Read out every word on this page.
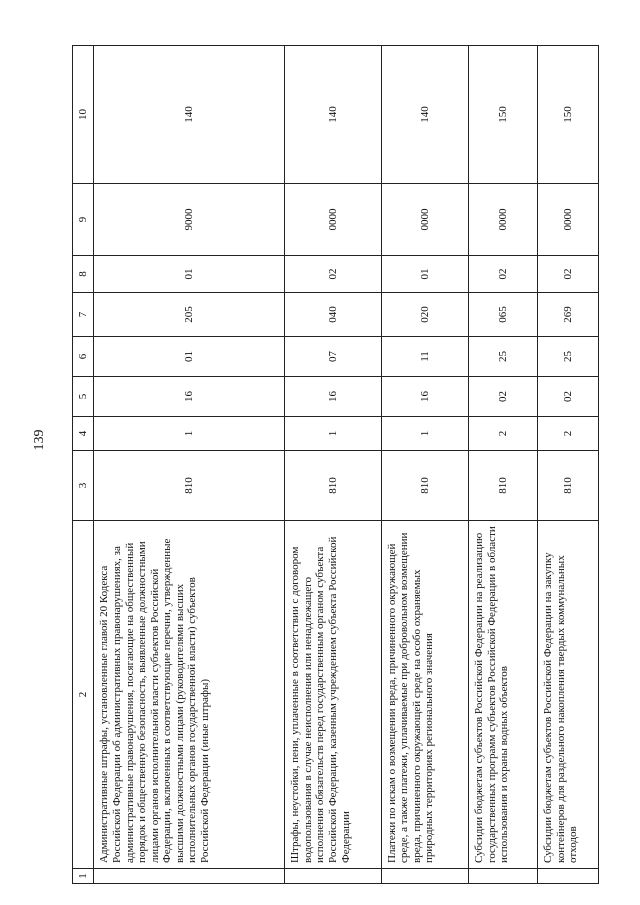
139
1	2	3	4	5	6	7	8	9	10
	Административные штрафы, установленные главой 20 Кодекса Российской Федерации об административных правонарушениях, за административные правонарушения, посягающие на общественный порядок и общественную безопасность, выявленные должностными лицами органов исполнительной власти субъектов Российской Федерации, включенных в соответствующие перечни, утвержденные высшими должностными лицами (руководителями высших исполнительных органов государственной власти) субъектов Российской Федерации (иные штрафы)	810	1	16	01	205	01	9000	140
	Штрафы, неустойки, пени, уплаченные в соответствии с договором водопользования в случае неисполнения или ненадлежащего исполнения обязательств перед государственным органом субъекта Российской Федерации, казенным учреждением субъекта Российской Федерации	810	1	16	07	040	02	0000	140
	Платежи по искам о возмещении вреда, причиненного окружающей среде, а также платежи, уплачиваемые при добровольном возмещении вреда, причиненного окружающей среде на особо охраняемых природных территориях регионального значения	810	1	16	11	020	01	0000	140
	Субсидии бюджетам субъектов Российской Федерации на реализацию государственных программ субъектов Российской Федерации в области использования и охраны водных объектов	810	2	02	25	065	02	0000	150
	Субсидии бюджетам субъектов Российской Федерации на закупку контейнеров для раздельного накопления твердых коммунальных отходов	810	2	02	25	269	02	0000	150
